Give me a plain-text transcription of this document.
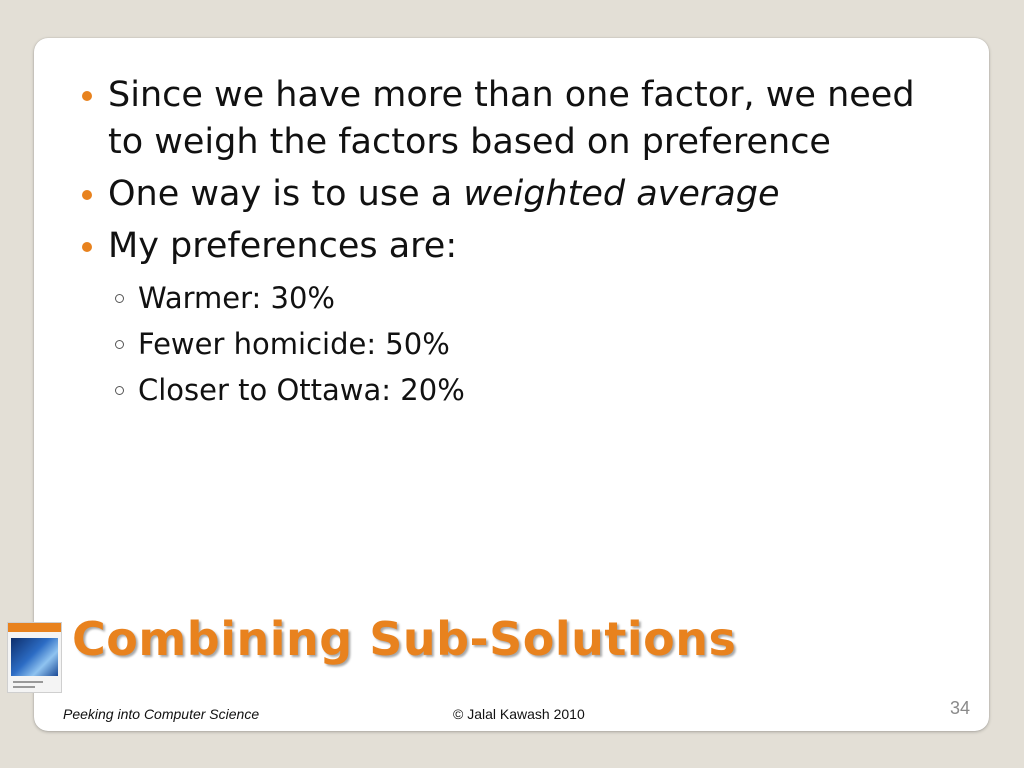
Since we have more than one factor, we need to weigh the factors based on preference
One way is to use a weighted average
My preferences are:
Warmer: 30%
Fewer homicide: 50%
Closer to Ottawa: 20%
Combining Sub-Solutions
Peeking into Computer Science	© Jalal Kawash 2010	34
